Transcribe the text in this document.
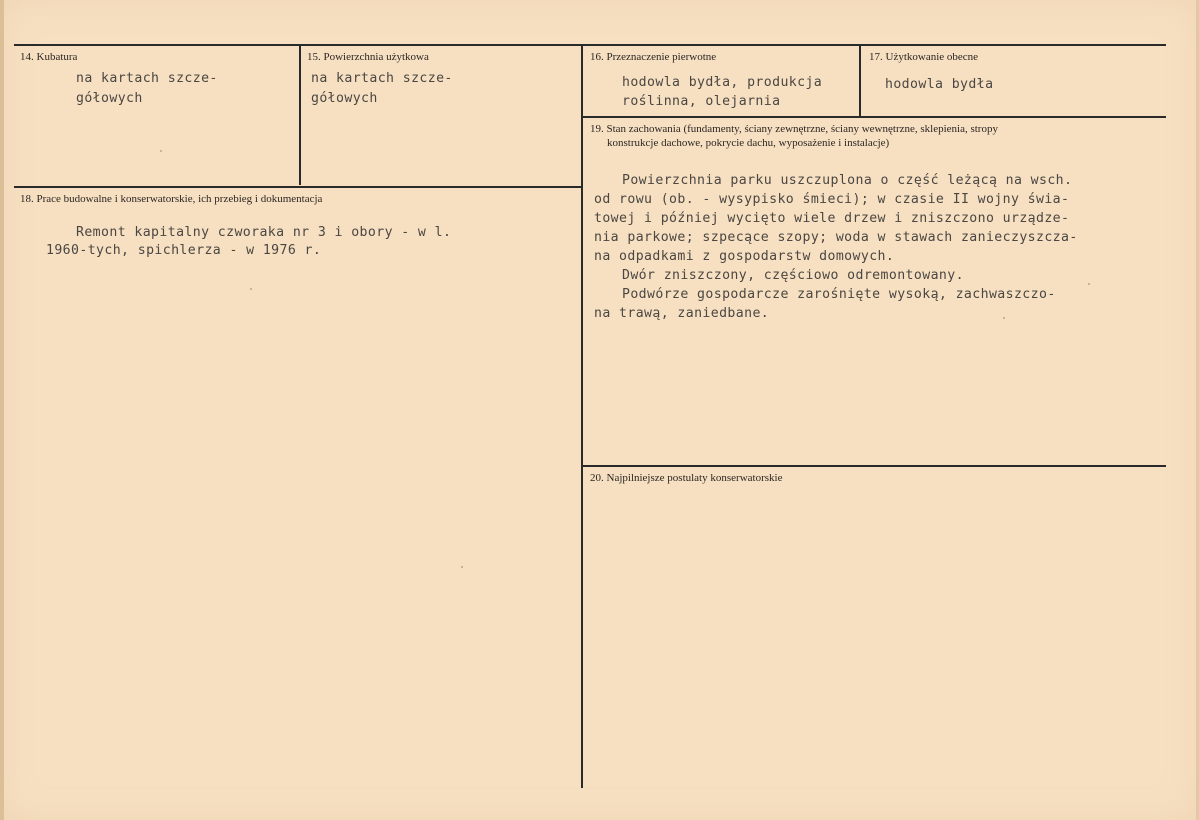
14. Kubatura
na kartach szcze-
gółowych
15. Powierzchnia użytkowa
na kartach szcze-
gółowych
16. Przeznaczenie pierwotne
hodowla bydła, produkcja
roślinna, olejarnia
17. Użytkowanie obecne
hodowla bydła
18. Prace budowalne i konserwatorskie, ich przebieg i dokumentacja
Remont kapitalny czworaka nr 3 i obory - w l.
1960-tych, spichlerza - w 1976 r.
19. Stan zachowania (fundamenty, ściany zewnętrzne, ściany wewnętrzne, sklepienia, stropy
konstrukcje dachowe, pokrycie dachu, wyposażenie i instalacje)
Powierzchnia parku uszczuplona o część leżącą na wsch.
od rowu (ob. - wysypisko śmieci); w czasie II wojny świa-
towej i później wycięto wiele drzew i zniszczono urządze-
nia parkowe; szpecące szopy; woda w stawach zanieczyszcza-
na odpadkami z gospodarstw domowych.
Dwór zniszczony, częściowo odremontowany.
Podwórze gospodarcze zarośnięte wysoką, zachwaszczo-
na trawą, zaniedbane.
20. Najpilniejsze postulaty konserwatorskie
